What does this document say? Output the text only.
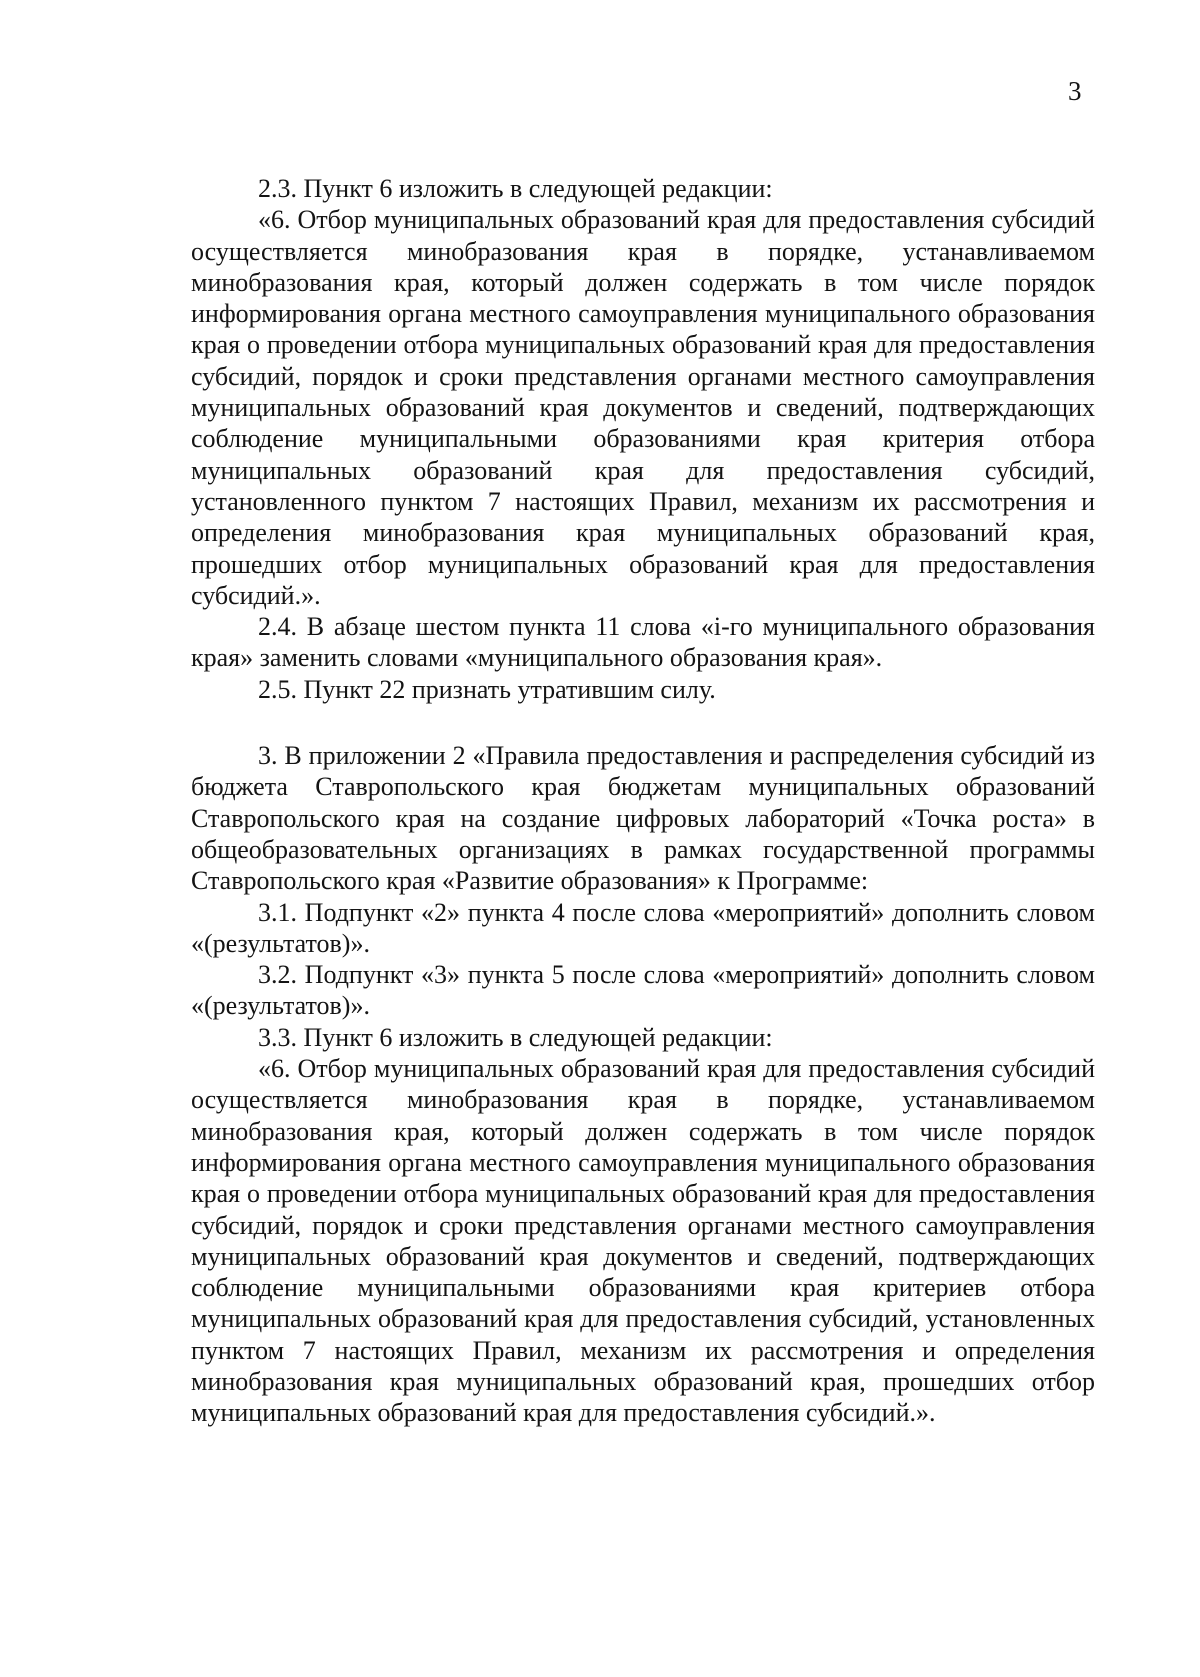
3

2.3. Пункт 6 изложить в следующей редакции:

«6. Отбор муниципальных образований края для предоставления субсидий осуществляется минобразования края в порядке, устанавливаемом минобразования края, который должен содержать в том числе порядок информирования органа местного самоуправления муниципального образования края о проведении отбора муниципальных образований края для предоставления субсидий, порядок и сроки представления органами местного самоуправления муниципальных образований края документов и сведений, подтверждающих соблюдение муниципальными образованиями края критерия отбора муниципальных образований края для предоставления субсидий, установленного пунктом 7 настоящих Правил, механизм их рассмотрения и определения минобразования края муниципальных образований края, прошедших отбор муниципальных образований края для предоставления субсидий.».

2.4. В абзаце шестом пункта 11 слова «i-го муниципального образования края» заменить словами «муниципального образования края».

2.5. Пункт 22 признать утратившим силу.

3. В приложении 2 «Правила предоставления и распределения субсидий из бюджета Ставропольского края бюджетам муниципальных образований Ставропольского края на создание цифровых лабораторий «Точка роста» в общеобразовательных организациях в рамках государственной программы Ставропольского края «Развитие образования» к Программе:

3.1. Подпункт «2» пункта 4 после слова «мероприятий» дополнить словом «(результатов)».

3.2. Подпункт «3» пункта 5 после слова «мероприятий» дополнить словом «(результатов)».

3.3. Пункт 6 изложить в следующей редакции:

«6. Отбор муниципальных образований края для предоставления субсидий осуществляется минобразования края в порядке, устанавливаемом минобразования края, который должен содержать в том числе порядок информирования органа местного самоуправления муниципального образования края о проведении отбора муниципальных образований края для предоставления субсидий, порядок и сроки представления органами местного самоуправления муниципальных образований края документов и сведений, подтверждающих соблюдение муниципальными образованиями края критериев отбора муниципальных образований края для предоставления субсидий, установленных пунктом 7 настоящих Правил, механизм их рассмотрения и определения минобразования края муниципальных образований края, прошедших отбор муниципальных образований края для предоставления субсидий.».
